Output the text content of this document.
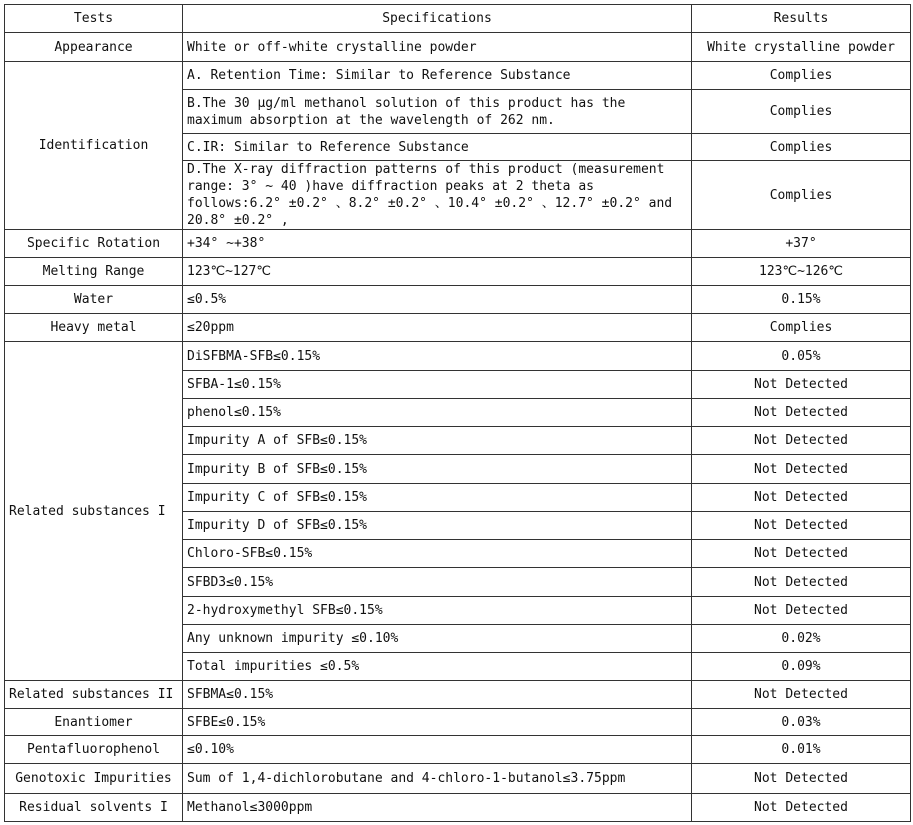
Tests	Specifications	Results
Appearance	White or off-white crystalline powder	White crystalline powder
Identification	A. Retention Time: Similar to Reference Substance	Complies
	B.The 30 μg/ml methanol solution of this product has the maximum absorption at the wavelength of 262 nm.	Complies
	C.IR: Similar to Reference Substance	Complies
	D.The X-ray diffraction patterns of this product (measurement range: 3° ~ 40 )have diffraction peaks at 2 theta as follows:6.2° ±0.2° 、8.2° ±0.2° 、10.4° ±0.2° 、12.7° ±0.2° and 20.8° ±0.2° ,	Complies
Specific Rotation	+34° ~+38°	+37°
Melting Range	123℃~127℃	123℃~126℃
Water	≤0.5%	0.15%
Heavy metal	≤20ppm	Complies
Related substances I	DiSFBMA-SFB≤0.15%	0.05%
	SFBA-1≤0.15%	Not Detected
	phenol≤0.15%	Not Detected
	Impurity A of SFB≤0.15%	Not Detected
	Impurity B of SFB≤0.15%	Not Detected
	Impurity C of SFB≤0.15%	Not Detected
	Impurity D of SFB≤0.15%	Not Detected
	Chloro-SFB≤0.15%	Not Detected
	SFBD3≤0.15%	Not Detected
	2-hydroxymethyl SFB≤0.15%	Not Detected
	Any unknown impurity ≤0.10%	0.02%
	Total impurities ≤0.5%	0.09%
Related substances II	SFBMA≤0.15%	Not Detected
Enantiomer	SFBE≤0.15%	0.03%
Pentafluorophenol	≤0.10%	0.01%
Genotoxic Impurities	Sum of 1,4-dichlorobutane and 4-chloro-1-butanol≤3.75ppm	Not Detected
Residual solvents I	Methanol≤3000ppm	Not Detected
